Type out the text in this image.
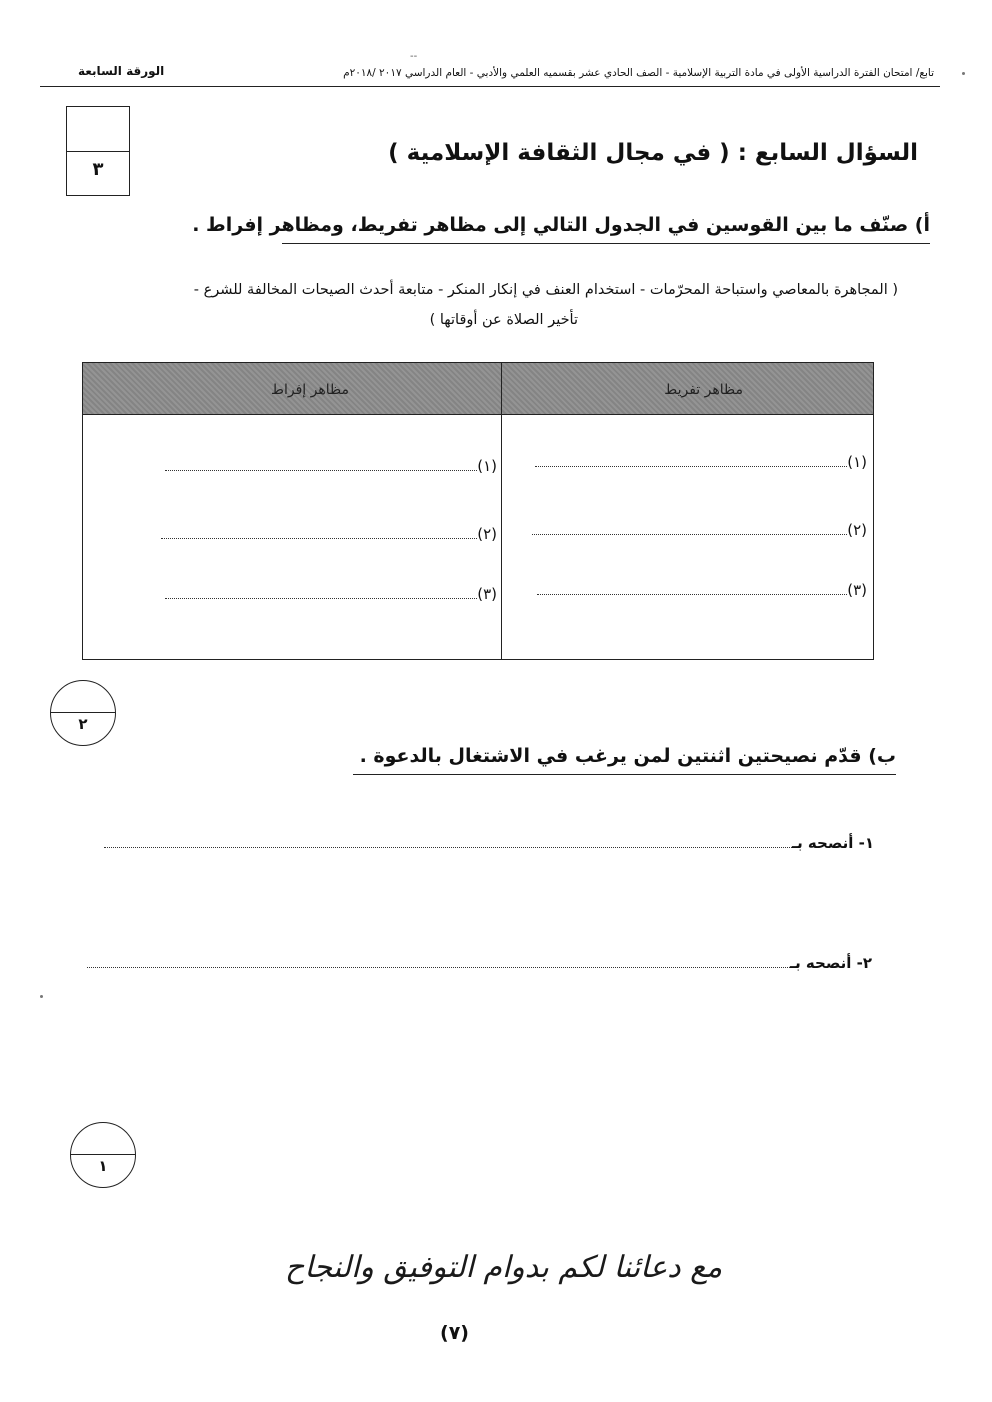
الورقة السابعة
--
تابع/ امتحان الفترة الدراسية الأولى في مادة التربية الإسلامية - الصف الحادي عشر بقسميه العلمي والأدبي - العام الدراسي ٢٠١٧ /٢٠١٨م
٣
السؤال السابع : ( في مجال الثقافة الإسلامية )
أ) صنّف ما بين القوسين في الجدول التالي إلى مظاهر تفريط، ومظاهر إفراط .
( المجاهرة بالمعاصي واستباحة المحرّمات - استخدام العنف في إنكار المنكر - متابعة أحدث الصيحات المخالفة للشرع -
تأخير الصلاة عن أوقاتها )
مظاهر تفريط
مظاهر إفراط
(١)
(٢)
(٣)
(١)
(٢)
(٣)
٢
ب) قدّم نصيحتين اثنتين لمن يرغب في الاشتغال بالدعوة .
١- أنصحه بـ
٢- أنصحه بـ
١
مع دعائنا لكم بدوام التوفيق والنجاح
(٧)
